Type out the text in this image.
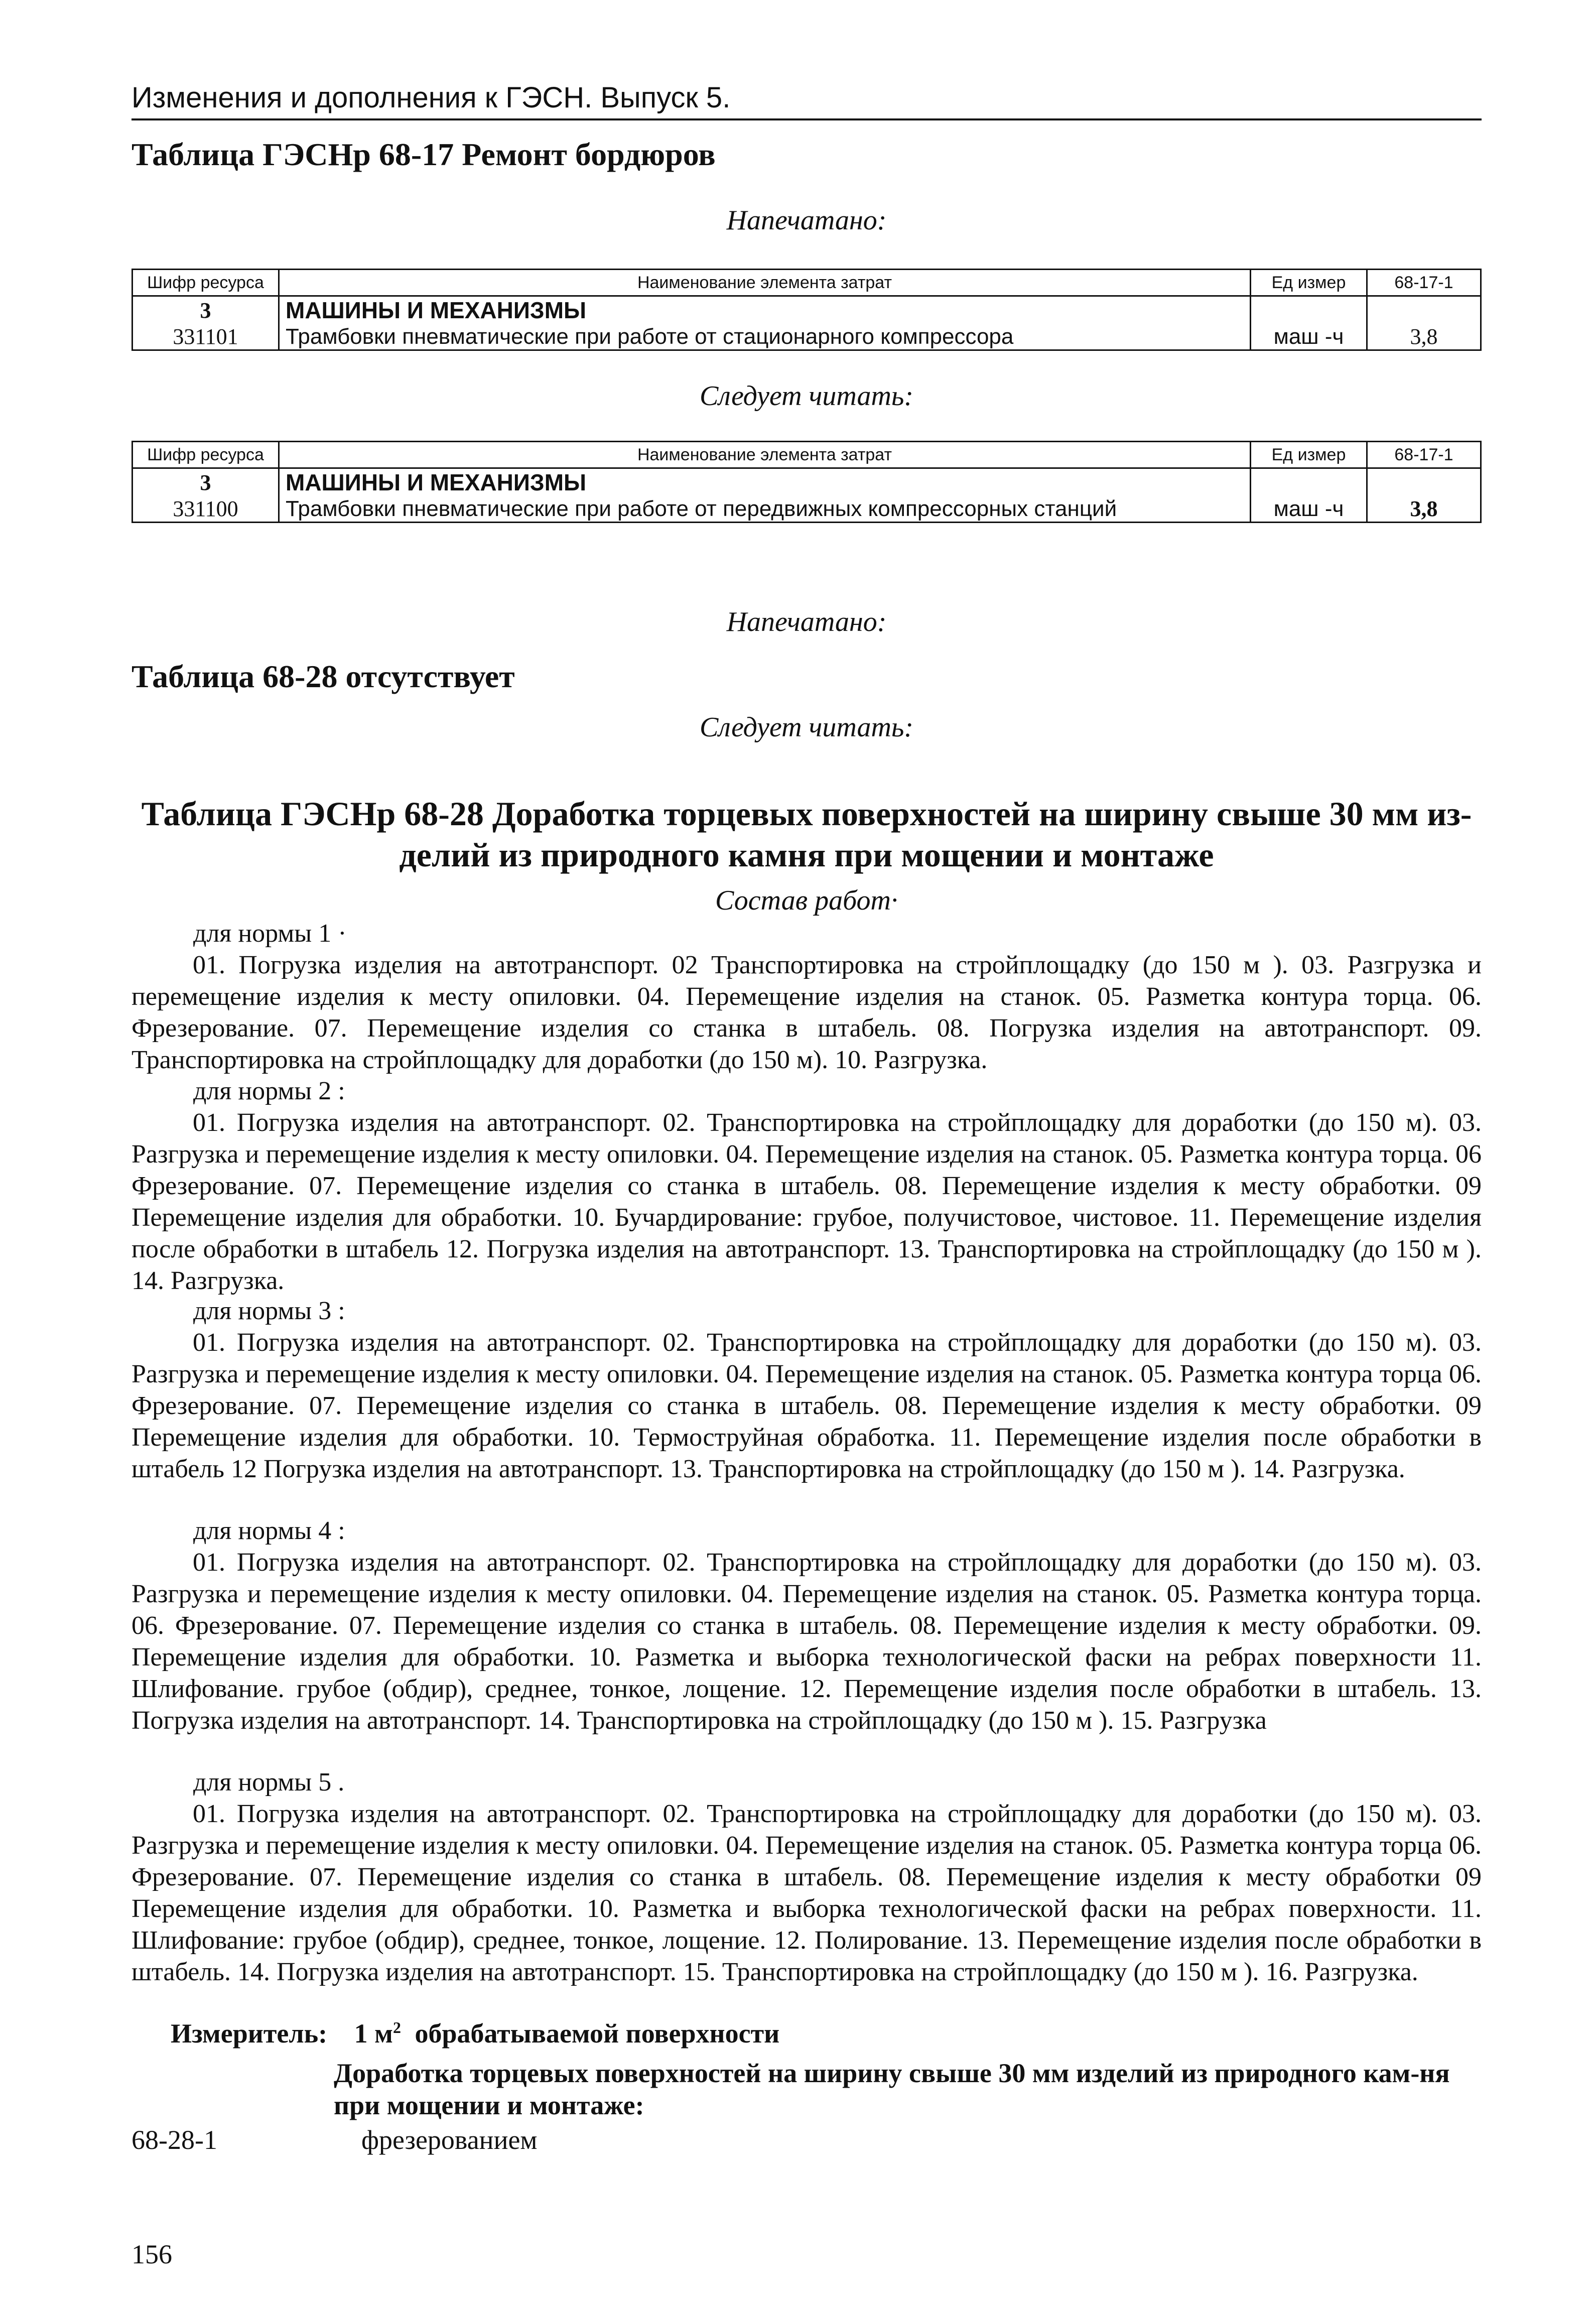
Изменения и дополнения к ГЭСН. Выпуск 5.
Таблица ГЭСНр 68-17 Ремонт бордюров
Напечатано:
Шифр ресурса	Наименование элемента затрат	Ед измер	68-17-1
3	МАШИНЫ И МЕХАНИЗМЫ		
331101	Трамбовки пневматические при работе от стационарного компрессора	маш -ч	3,8
Следует читать:
Шифр ресурса	Наименование элемента затрат	Ед измер	68-17-1
3	МАШИНЫ И МЕХАНИЗМЫ		
331100	Трамбовки пневматические при работе от передвижных компрессорных станций	маш -ч	3,8
Напечатано:
Таблица 68-28 отсутствует
Следует читать:
Таблица ГЭСНр 68-28 Доработка торцевых поверхностей на ширину свыше 30 мм из-делий из природного камня при мощении и монтаже
Состав работ·
для нормы 1 ·
01. Погрузка изделия на автотранспорт. 02 Транспортировка на стройплощадку (до 150 м ). 03. Разгрузка и перемещение изделия к месту опиловки. 04. Перемещение изделия на станок. 05. Разметка контура торца. 06. Фрезерование. 07. Перемещение изделия со станка в штабель. 08. Погрузка изделия на автотранспорт. 09. Транспортировка на стройплощадку для доработки (до 150 м). 10. Разгрузка.
для нормы 2 :
01. Погрузка изделия на автотранспорт. 02. Транспортировка на стройплощадку для доработки (до 150 м). 03. Разгрузка и перемещение изделия к месту опиловки. 04. Перемещение изделия на станок. 05. Разметка контура торца. 06 Фрезерование. 07. Перемещение изделия со станка в штабель. 08. Перемещение изделия к месту обработки. 09 Перемещение изделия для обработки. 10. Бучардирование: грубое, получистовое, чистовое. 11. Перемещение изделия после обработки в штабель 12. Погрузка изделия на автотранспорт. 13. Транспортировка на стройплощадку (до 150 м ). 14. Разгрузка.
для нормы 3 :
01. Погрузка изделия на автотранспорт. 02. Транспортировка на стройплощадку для доработки (до 150 м). 03. Разгрузка и перемещение изделия к месту опиловки. 04. Перемещение изделия на станок. 05. Разметка контура торца 06. Фрезерование. 07. Перемещение изделия со станка в штабель. 08. Перемещение изделия к месту обработки. 09 Перемещение изделия для обработки. 10. Термоструйная обработка. 11. Перемещение изделия после обработки в штабель 12 Погрузка изделия на автотранспорт. 13. Транспортировка на стройплощадку (до 150 м ). 14. Разгрузка.
для нормы 4 :
01. Погрузка изделия на автотранспорт. 02. Транспортировка на стройплощадку для доработки (до 150 м). 03. Разгрузка и перемещение изделия к месту опиловки. 04. Перемещение изделия на станок. 05. Разметка контура торца. 06. Фрезерование. 07. Перемещение изделия со станка в штабель. 08. Перемещение изделия к месту обработки. 09. Перемещение изделия для обработки. 10. Разметка и выборка технологической фаски на ребрах поверхности 11. Шлифование. грубое (обдир), среднее, тонкое, лощение. 12. Перемещение изделия после обработки в штабель. 13. Погрузка изделия на автотранспорт. 14. Транспортировка на стройплощадку (до 150 м ). 15. Разгрузка
для нормы 5 .
01. Погрузка изделия на автотранспорт. 02. Транспортировка на стройплощадку для доработки (до 150 м). 03. Разгрузка и перемещение изделия к месту опиловки. 04. Перемещение изделия на станок. 05. Разметка контура торца 06. Фрезерование. 07. Перемещение изделия со станка в штабель. 08. Перемещение изделия к месту обработки 09 Перемещение изделия для обработки. 10. Разметка и выборка технологической фаски на ребрах поверхности. 11. Шлифование: грубое (обдир), среднее, тонкое, лощение. 12. Полирование. 13. Перемещение изделия после обработки в штабель. 14. Погрузка изделия на автотранспорт. 15. Транспортировка на стройплощадку (до 150 м ). 16. Разгрузка.
Измеритель: 1 $м^2$ обрабатываемой поверхности
Доработка торцевых поверхностей на ширину свыше 30 мм изделий из природного кам-ня при мощении и монтаже:
68-28-1	фрезерованием
156
